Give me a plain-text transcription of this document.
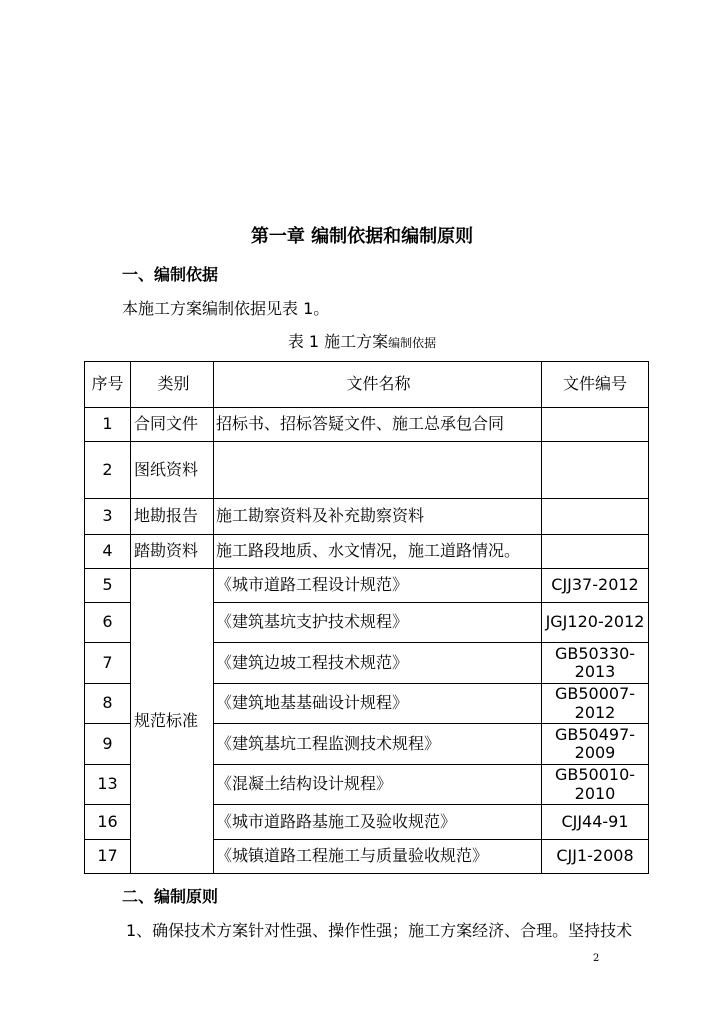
第一章 编制依据和编制原则
一、编制依据
本施工方案编制依据见表 1。
表 1 施工方案编制依据
序号	类别	文件名称	文件编号
1	合同文件	招标书、招标答疑文件、施工总承包合同	
2	图纸资料		
3	地勘报告	施工勘察资料及补充勘察资料	
4	踏勘资料	施工路段地质、水文情况，施工道路情况。	
5	规范标准	《城市道路工程设计规范》	CJJ37-2012
6		《建筑基坑支护技术规程》	JGJ120-2012
7		《建筑边坡工程技术规范》	GB50330-2013
8		《建筑地基基础设计规程》	GB50007-2012
9		《建筑基坑工程监测技术规程》	GB50497-2009
13		《混凝土结构设计规程》	GB50010-2010
16		《城市道路路基施工及验收规范》	CJJ44-91
17		《城镇道路工程施工与质量验收规范》	CJJ1-2008
二、编制原则
1、确保技术方案针对性强、操作性强；施工方案经济、合理。坚持技术
2
